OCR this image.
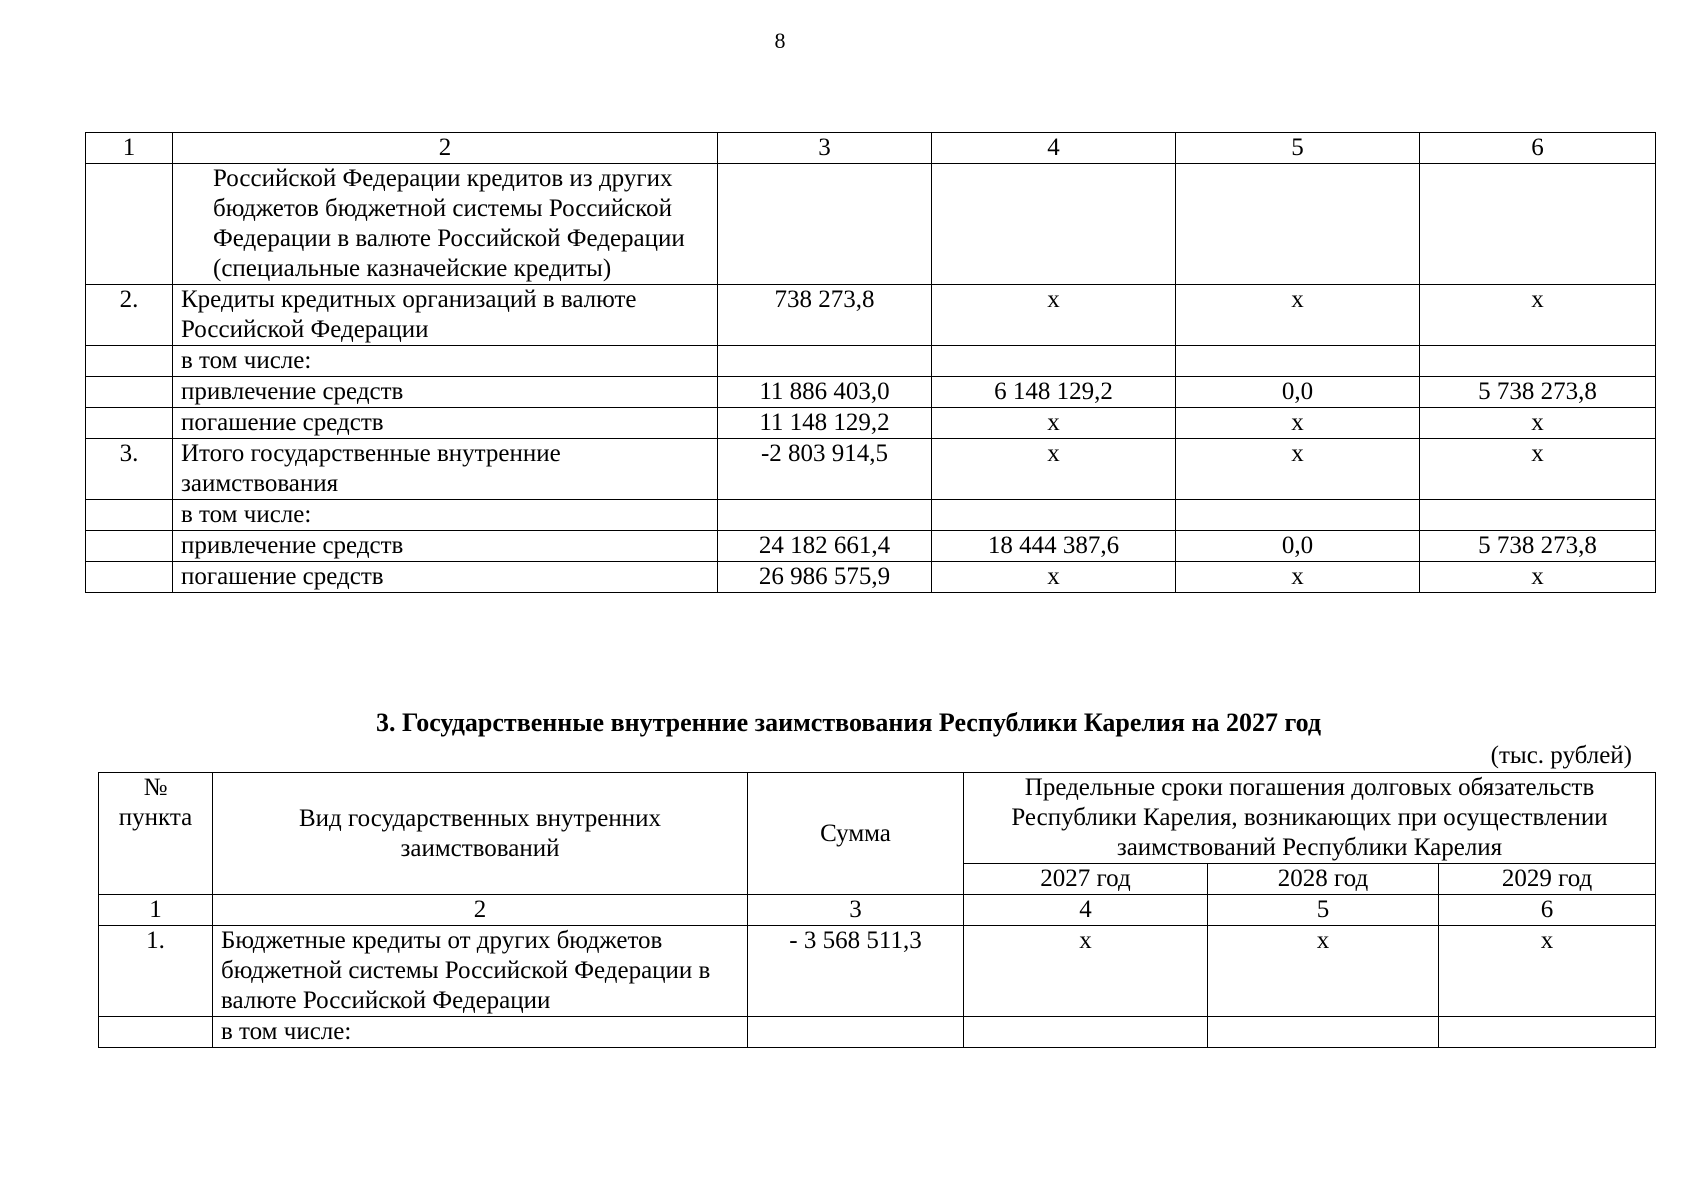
8
1	2	3	4	5	6
	Российской Федерации кредитов из других бюджетов бюджетной системы Российской Федерации в валюте Российской Федерации (специальные казначейские кредиты)				
2.	Кредиты кредитных организаций в валюте Российской Федерации	738 273,8	х	х	х
	в том числе:				
	привлечение средств	11 886 403,0	6 148 129,2	0,0	5 738 273,8
	погашение средств	11 148 129,2	х	х	х
3.	Итого государственные внутренние заимствования	-2 803 914,5	х	х	х
	в том числе:				
	привлечение средств	24 182 661,4	18 444 387,6	0,0	5 738 273,8
	погашение средств	26 986 575,9	х	х	х
3. Государственные внутренние заимствования Республики Карелия на 2027 год
(тыс. рублей)
№ пункта	Вид государственных внутренних заимствований	Сумма	Предельные сроки погашения долговых обязательств Республики Карелия, возникающих при осуществлении заимствований Республики Карелия		
			2027 год	2028 год	2029 год
1	2	3	4	5	6
1.	Бюджетные кредиты от других бюджетов бюджетной системы Российской Федерации в валюте Российской Федерации	- 3 568 511,3	х	х	х
	в том числе:				
